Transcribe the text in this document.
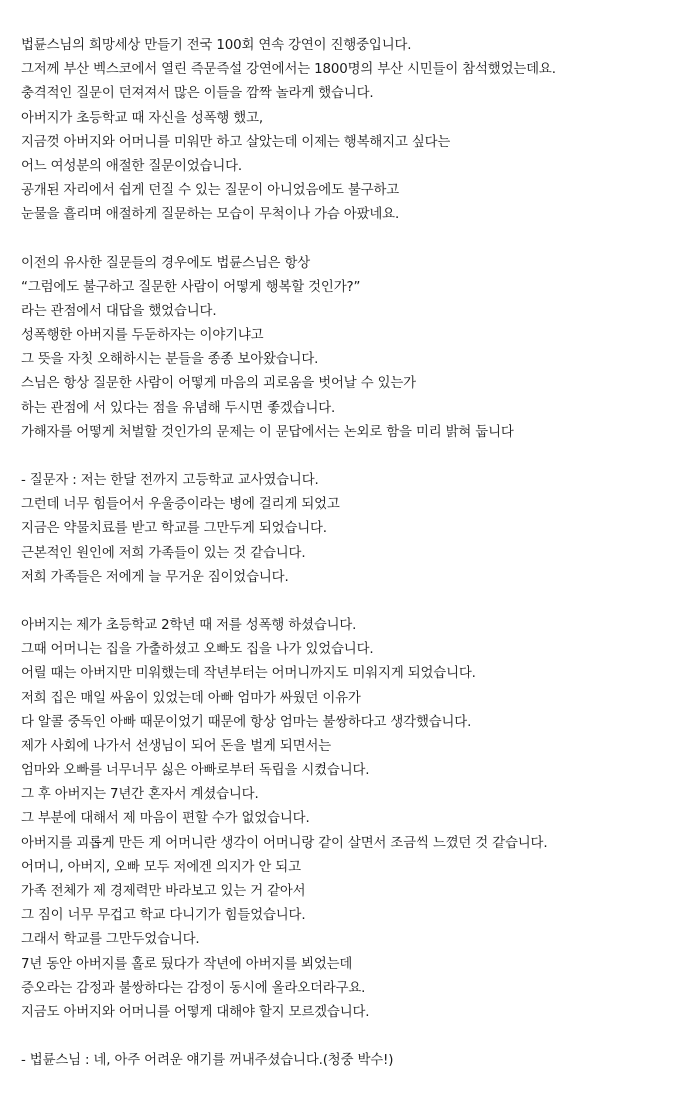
법륜스님의 희망세상 만들기 전국 100회 연속 강연이 진행중입니다.
그저께 부산 벡스코에서 열린 즉문즉설 강연에서는 1800명의 부산 시민들이 참석했었는데요.
충격적인 질문이 던져져서 많은 이들을 깜짝 놀라게 했습니다.
아버지가 초등학교 때 자신을 성폭행 했고,
지금껏 아버지와 어머니를 미워만 하고 살았는데 이제는 행복해지고 싶다는
어느 여성분의 애절한 질문이었습니다.
공개된 자리에서 쉽게 던질 수 있는 질문이 아니었음에도 불구하고
눈물을 흘리며 애절하게 질문하는 모습이 무척이나 가슴 아팠네요.
이전의 유사한 질문들의 경우에도 법륜스님은 항상
“그럼에도 불구하고 질문한 사람이 어떻게 행복할 것인가?”
라는 관점에서 대답을 했었습니다.
성폭행한 아버지를 두둔하자는 이야기냐고
그 뜻을 자칫 오해하시는 분들을 종종 보아왔습니다.
스님은 항상 질문한 사람이 어떻게 마음의 괴로움을 벗어날 수 있는가
하는 관점에 서 있다는 점을 유념해 두시면 좋겠습니다.
가해자를 어떻게 처벌할 것인가의 문제는 이 문답에서는 논외로 함을 미리 밝혀 둡니다
- 질문자 : 저는 한달 전까지 고등학교 교사였습니다.
그런데 너무 힘들어서 우울증이라는 병에 걸리게 되었고
지금은 약물치료를 받고 학교를 그만두게 되었습니다.
근본적인 원인에 저희 가족들이 있는 것 같습니다.
저희 가족들은 저에게 늘 무거운 짐이었습니다.
아버지는 제가 초등학교 2학년 때 저를 성폭행 하셨습니다.
그때 어머니는 집을 가출하셨고 오빠도 집을 나가 있었습니다.
어릴 때는 아버지만 미워했는데 작년부터는 어머니까지도 미워지게 되었습니다.
저희 집은 매일 싸움이 있었는데 아빠 엄마가 싸웠던 이유가
다 알콜 중독인 아빠 때문이었기 때문에 항상 엄마는 불쌍하다고 생각했습니다.
제가 사회에 나가서 선생님이 되어 돈을 벌게 되면서는
엄마와 오빠를 너무너무 싫은 아빠로부터 독립을 시켰습니다.
그 후 아버지는 7년간 혼자서 계셨습니다.
그 부분에 대해서 제 마음이 편할 수가 없었습니다.
아버지를 괴롭게 만든 게 어머니란 생각이 어머니랑 같이 살면서 조금씩 느꼈던 것 같습니다.
어머니, 아버지, 오빠 모두 저에겐 의지가 안 되고
가족 전체가 제 경제력만 바라보고 있는 거 같아서
그 짐이 너무 무겁고 학교 다니기가 힘들었습니다.
그래서 학교를 그만두었습니다.
7년 동안 아버지를 홀로 뒀다가 작년에 아버지를 뵈었는데
증오라는 감정과 불쌍하다는 감정이 동시에 올라오더라구요.
지금도 아버지와 어머니를 어떻게 대해야 할지 모르겠습니다.
- 법륜스님 : 네, 아주 어려운 얘기를 꺼내주셨습니다.(청중 박수!)
